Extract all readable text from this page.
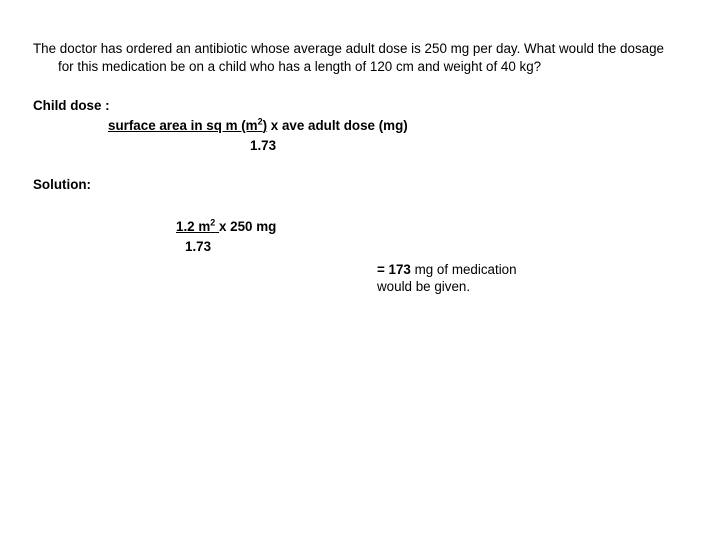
The doctor has ordered an antibiotic whose average adult dose is 250 mg per day. What would the dosage
for this medication be on a child who has a length of 120 cm and weight of 40 kg?
Child dose :
surface area in sq m $(m^2)$ x ave adult dose (mg)
1.73
Solution:
1.2 $m^2$ x 250 mg
1.73
= 173 mg of medication
would be given.
